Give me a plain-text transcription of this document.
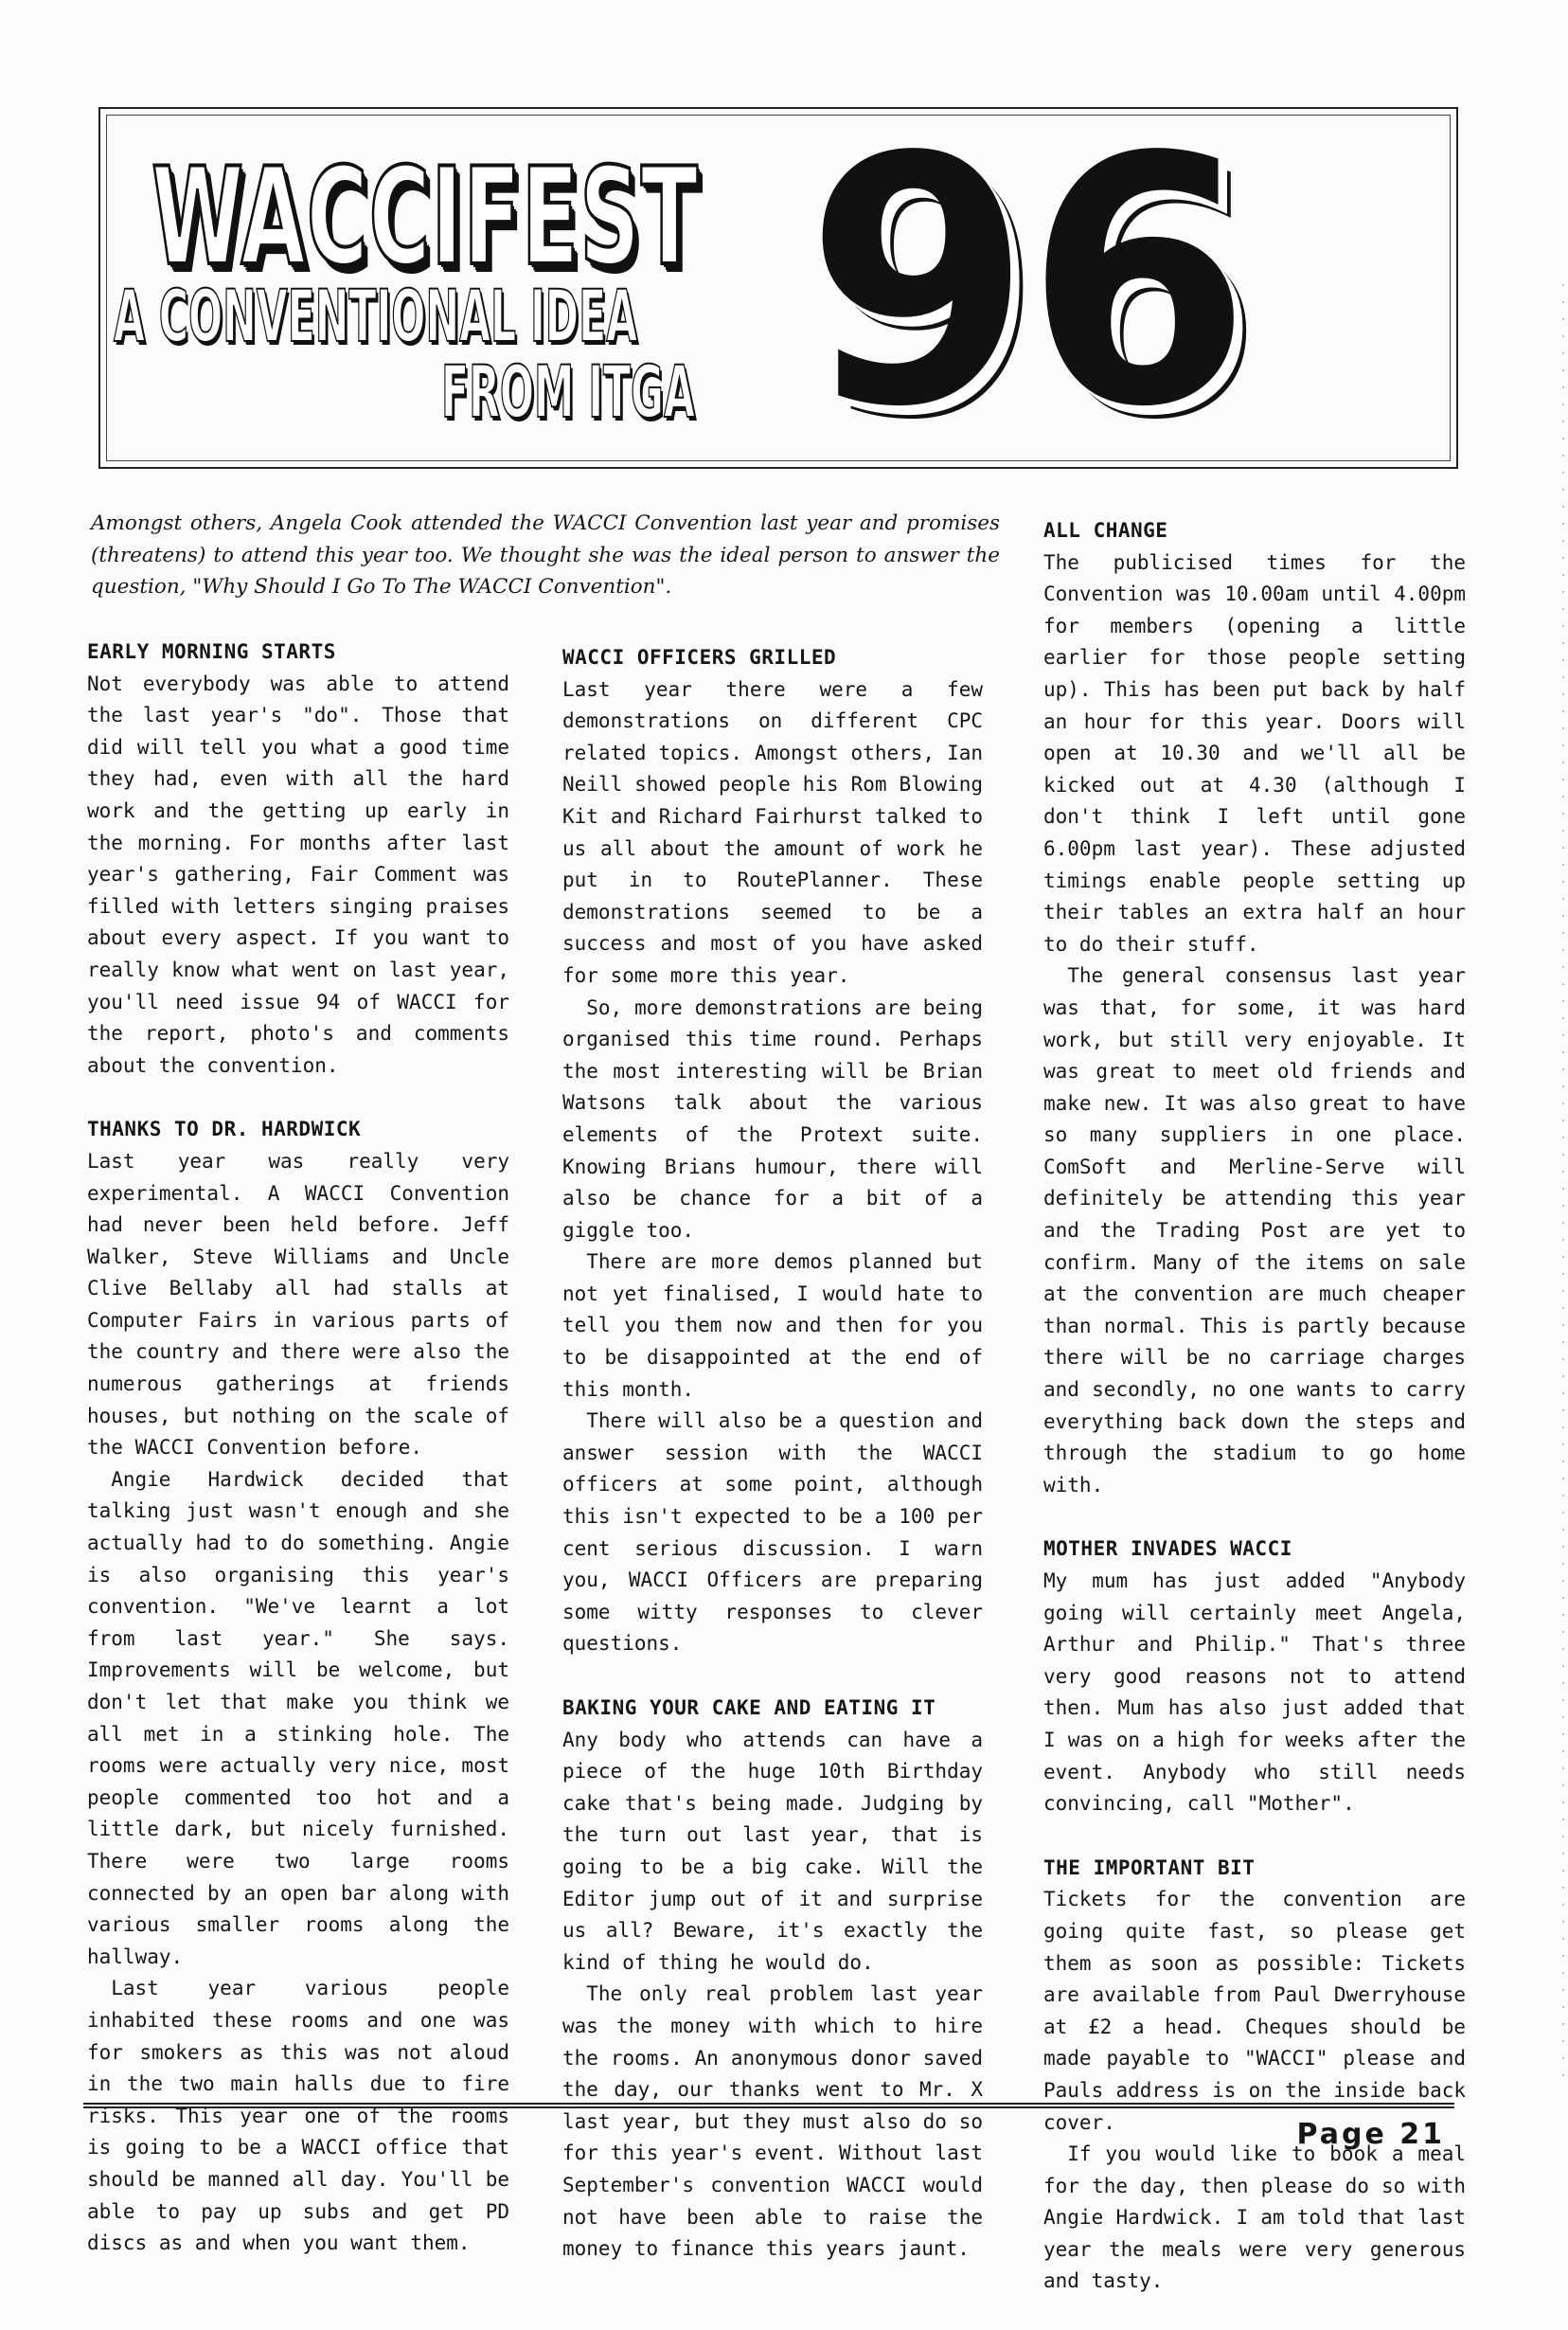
WACCIFEST
A CONVENTIONAL IDEA
FROM ITGA 96

Amongst others, Angela Cook attended the WACCI Convention last year and promises (threatens) to attend this year too. We thought she was the ideal person to answer the question, "Why Should I Go To The WACCI Convention".

EARLY MORNING STARTS

Not everybody was able to attend the last year's "do". Those that did will tell you what a good time they had, even with all the hard work and the getting up early in the morning. For months after last year's gathering, Fair Comment was filled with letters singing praises about every aspect. If you want to really know what went on last year, you'll need issue 94 of WACCI for the report, photo's and comments about the convention.

THANKS TO DR. HARDWICK

Last year was really very experimental. A WACCI Convention had never been held before. Jeff Walker, Steve Williams and Uncle Clive Bellaby all had stalls at Computer Fairs in various parts of the country and there were also the numerous gatherings at friends houses, but nothing on the scale of the WACCI Convention before.

Angie Hardwick decided that talking just wasn't enough and she actually had to do something. Angie is also organising this year's convention. "We've learnt a lot from last year." She says. Improvements will be welcome, but don't let that make you think we all met in a stinking hole. The rooms were actually very nice, most people commented too hot and a little dark, but nicely furnished. There were two large rooms connected by an open bar along with various smaller rooms along the hallway.

Last year various people inhabited these rooms and one was for smokers as this was not aloud in the two main halls due to fire risks. This year one of the rooms is going to be a WACCI office that should be manned all day. You'll be able to pay up subs and get PD discs as and when you want them.

WACCI OFFICERS GRILLED

Last year there were a few demonstrations on different CPC related topics. Amongst others, Ian Neill showed people his Rom Blowing Kit and Richard Fairhurst talked to us all about the amount of work he put in to RoutePlanner. These demonstrations seemed to be a success and most of you have asked for some more this year.

So, more demonstrations are being organised this time round. Perhaps the most interesting will be Brian Watsons talk about the various elements of the Protext suite. Knowing Brians humour, there will also be chance for a bit of a giggle too.

There are more demos planned but not yet finalised, I would hate to tell you them now and then for you to be disappointed at the end of this month.

There will also be a question and answer session with the WACCI officers at some point, although this isn't expected to be a 100 per cent serious discussion. I warn you, WACCI Officers are preparing some witty responses to clever questions.

BAKING YOUR CAKE AND EATING IT

Any body who attends can have a piece of the huge 10th Birthday cake that's being made. Judging by the turn out last year, that is going to be a big cake. Will the Editor jump out of it and surprise us all? Beware, it's exactly the kind of thing he would do.

The only real problem last year was the money with which to hire the rooms. An anonymous donor saved the day, our thanks went to Mr. X last year, but they must also do so for this year's event. Without last September's convention WACCI would not have been able to raise the money to finance this years jaunt.

ALL CHANGE

The publicised times for the Convention was 10.00am until 4.00pm for members (opening a little earlier for those people setting up). This has been put back by half an hour for this year. Doors will open at 10.30 and we'll all be kicked out at 4.30 (although I don't think I left until gone 6.00pm last year). These adjusted timings enable people setting up their tables an extra half an hour to do their stuff.

The general consensus last year was that, for some, it was hard work, but still very enjoyable. It was great to meet old friends and make new. It was also great to have so many suppliers in one place. ComSoft and Merline-Serve will definitely be attending this year and the Trading Post are yet to confirm. Many of the items on sale at the convention are much cheaper than normal. This is partly because there will be no carriage charges and secondly, no one wants to carry everything back down the steps and through the stadium to go home with.

MOTHER INVADES WACCI

My mum has just added "Anybody going will certainly meet Angela, Arthur and Philip." That's three very good reasons not to attend then. Mum has also just added that I was on a high for weeks after the event. Anybody who still needs convincing, call "Mother".

THE IMPORTANT BIT

Tickets for the convention are going quite fast, so please get them as soon as possible: Tickets are available from Paul Dwerryhouse at £2 a head. Cheques should be made payable to "WACCI" please and Pauls address is on the inside back cover.

If you would like to book a meal for the day, then please do so with Angie Hardwick. I am told that last year the meals were very generous and tasty.

Page 21
